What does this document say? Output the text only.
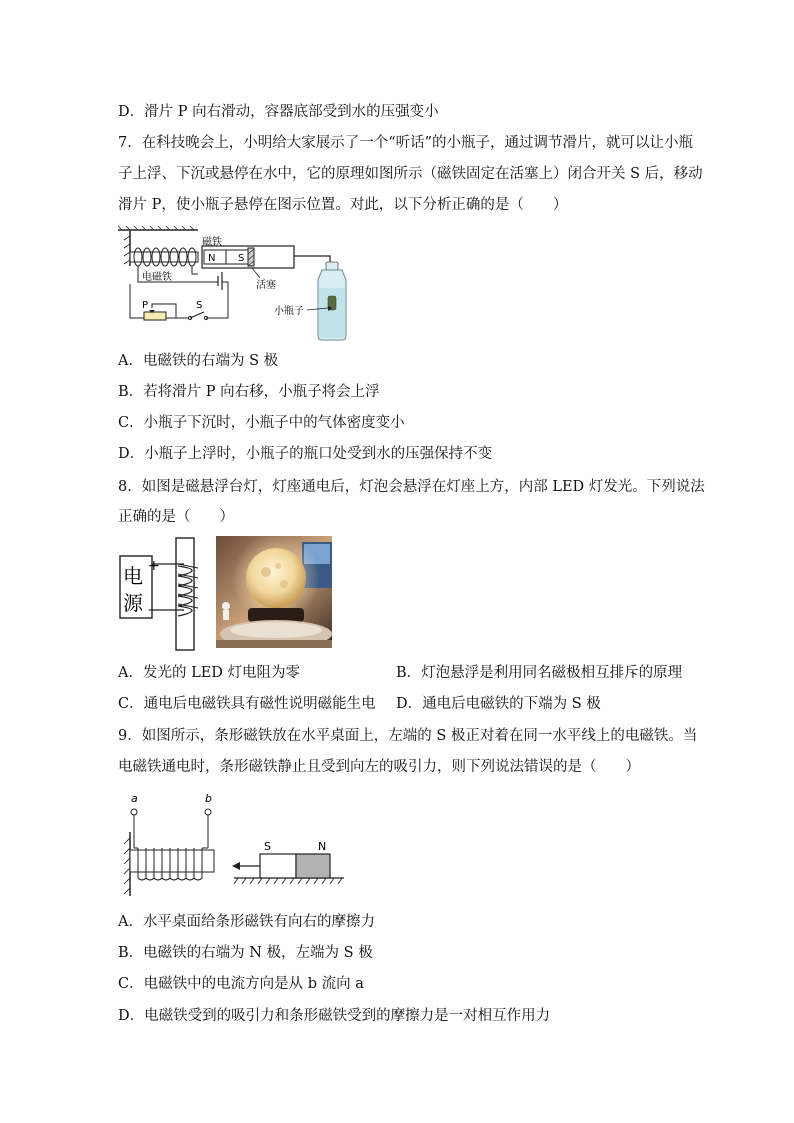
D．滑片 P 向右滑动，容器底部受到水的压强变小
7．在科技晚会上，小明给大家展示了一个“听话”的小瓶子，通过调节滑片，就可以让小瓶
子上浮、下沉或悬停在水中，它的原理如图所示（磁铁固定在活塞上）闭合开关 S 后，移动
滑片 P，使小瓶子悬停在图示位置。对此，以下分析正确的是（　　）
N S
磁铁
活塞
电磁铁
P	S
小瓶子
A．电磁铁的右端为 S 极
B．若将滑片 P 向右移，小瓶子将会上浮
C．小瓶子下沉时，小瓶子中的气体密度变小
D．小瓶子上浮时，小瓶子的瓶口处受到水的压强保持不变
8．如图是磁悬浮台灯，灯座通电后，灯泡会悬浮在灯座上方，内部 LED 灯发光。下列说法
正确的是（　　）
电
源
+
–
A．发光的 LED 灯电阻为零	B．灯泡悬浮是利用同名磁极相互排斥的原理
C．通电后电磁铁具有磁性说明磁能生电 D．通电后电磁铁的下端为 S 极
9．如图所示，条形磁铁放在水平桌面上，左端的 S 极正对着在同一水平线上的电磁铁。当
电磁铁通电时，条形磁铁静止且受到向左的吸引力，则下列说法错误的是（　　）
a	b
S	N
A．水平桌面给条形磁铁有向右的摩擦力
B．电磁铁的右端为 N 极，左端为 S 极
C．电磁铁中的电流方向是从 b 流向 a
D．电磁铁受到的吸引力和条形磁铁受到的摩擦力是一对相互作用力
